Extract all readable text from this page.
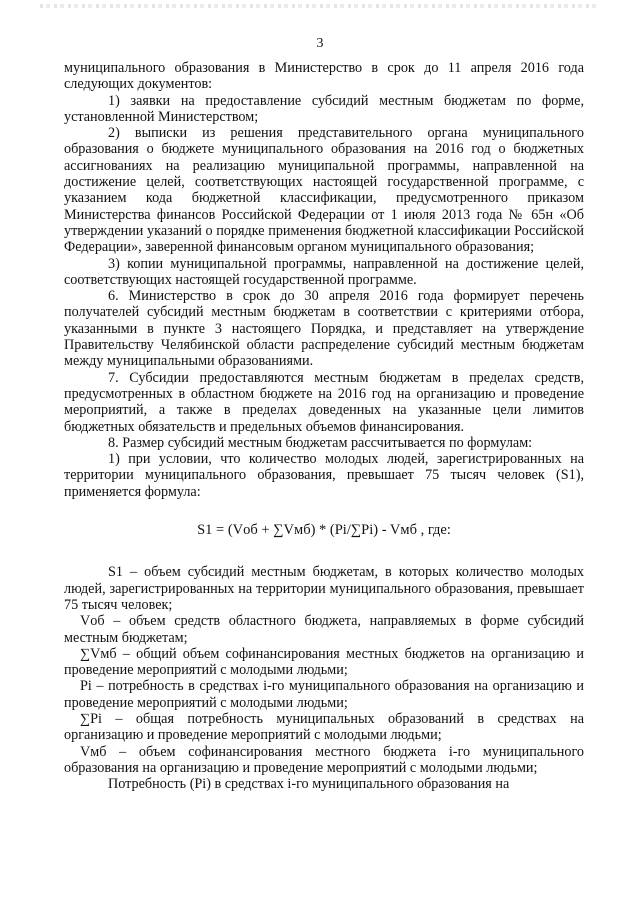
3

муниципального образования в Министерство в срок до 11 апреля 2016 года следующих документов:

1) заявки на предоставление субсидий местным бюджетам по форме, установленной Министерством;

2) выписки из решения представительного органа муниципального образования о бюджете муниципального образования на 2016 год о бюджетных ассигнованиях на реализацию муниципальной программы, направленной на достижение целей, соответствующих настоящей государственной программе, с указанием кода бюджетной классификации, предусмотренного приказом Министерства финансов Российской Федерации от 1 июля 2013 года № 65н «Об утверждении указаний о порядке применения бюджетной классификации Российской Федерации», заверенной финансовым органом муниципального образования;

3) копии муниципальной программы, направленной на достижение целей, соответствующих настоящей государственной программе.

6. Министерство в срок до 30 апреля 2016 года формирует перечень получателей субсидий местным бюджетам в соответствии с критериями отбора, указанными в пункте 3 настоящего Порядка, и представляет на утверждение Правительству Челябинской области распределение субсидий местным бюджетам между муниципальными образованиями.

7. Субсидии предоставляются местным бюджетам в пределах средств, предусмотренных в областном бюджете на 2016 год на организацию и проведение мероприятий, а также в пределах доведенных на указанные цели лимитов бюджетных обязательств и предельных объемов финансирования.

8. Размер субсидий местным бюджетам рассчитывается по формулам:

1) при условии, что количество молодых людей, зарегистрированных на территории муниципального образования, превышает 75 тысяч человек (S1), применяется формула:

S1 = (Vоб + ∑Vмб) * (Pi/∑Pi) - Vмб , где:

S1 – объем субсидий местным бюджетам, в которых количество молодых людей, зарегистрированных на территории муниципального образования, превышает 75 тысяч человек;

Vоб – объем средств областного бюджета, направляемых в форме субсидий местным бюджетам;

∑Vмб – общий объем софинансирования местных бюджетов на организацию и проведение мероприятий с молодыми людьми;

Pi – потребность в средствах i-го муниципального образования на организацию и проведение мероприятий с молодыми людьми;

∑Pi – общая потребность муниципальных образований в средствах на организацию и проведение мероприятий с молодыми людьми;

Vмб – объем софинансирования местного бюджета i-го муниципального образования на организацию и проведение мероприятий с молодыми людьми;

Потребность (Pi) в средствах i-го муниципального образования на
